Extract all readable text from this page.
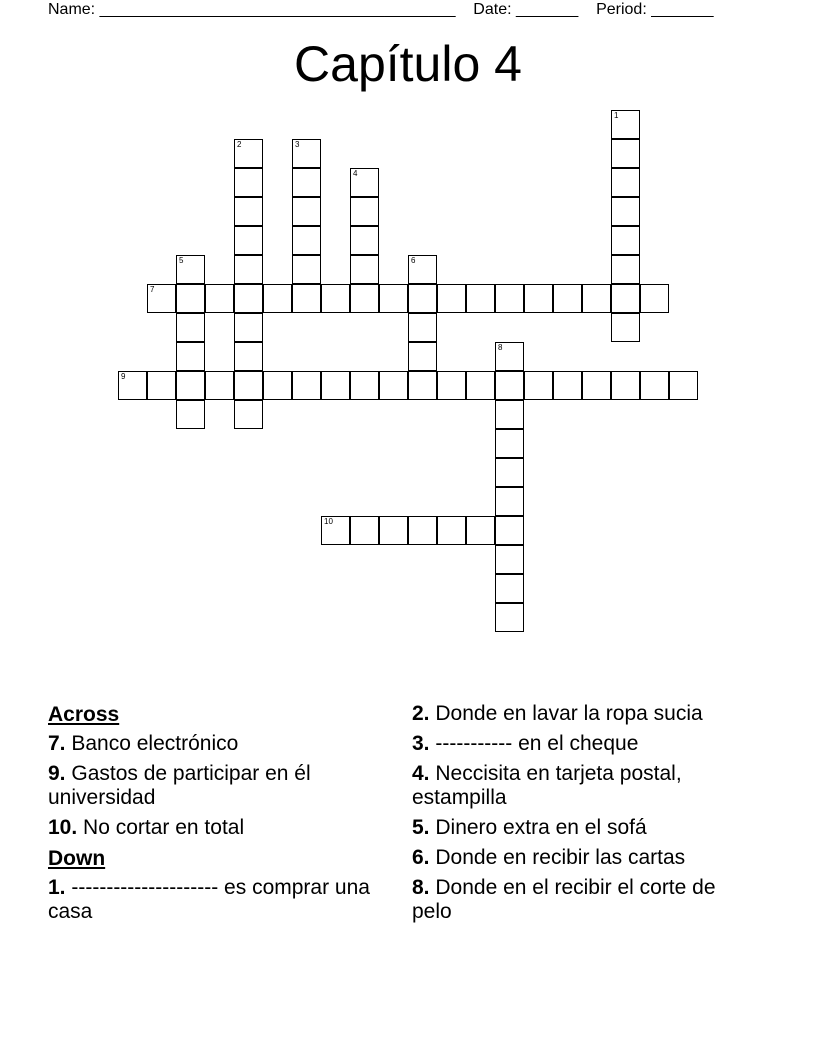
Name: ________________________________________ Date: _______ Period: _______
Capítulo 4
1
2	3
4
5	6
7
8
9
10
Across
7. Banco electrónico
9. Gastos de participar en él universidad
10. No cortar en total
Down
1. --------------------- es comprar una casa
2. Donde en lavar la ropa sucia
3. ----------- en el cheque
4. Neccisita en tarjeta postal, estampilla
5. Dinero extra en el sofá
6. Donde en recibir las cartas
8. Donde en el recibir el corte de pelo
